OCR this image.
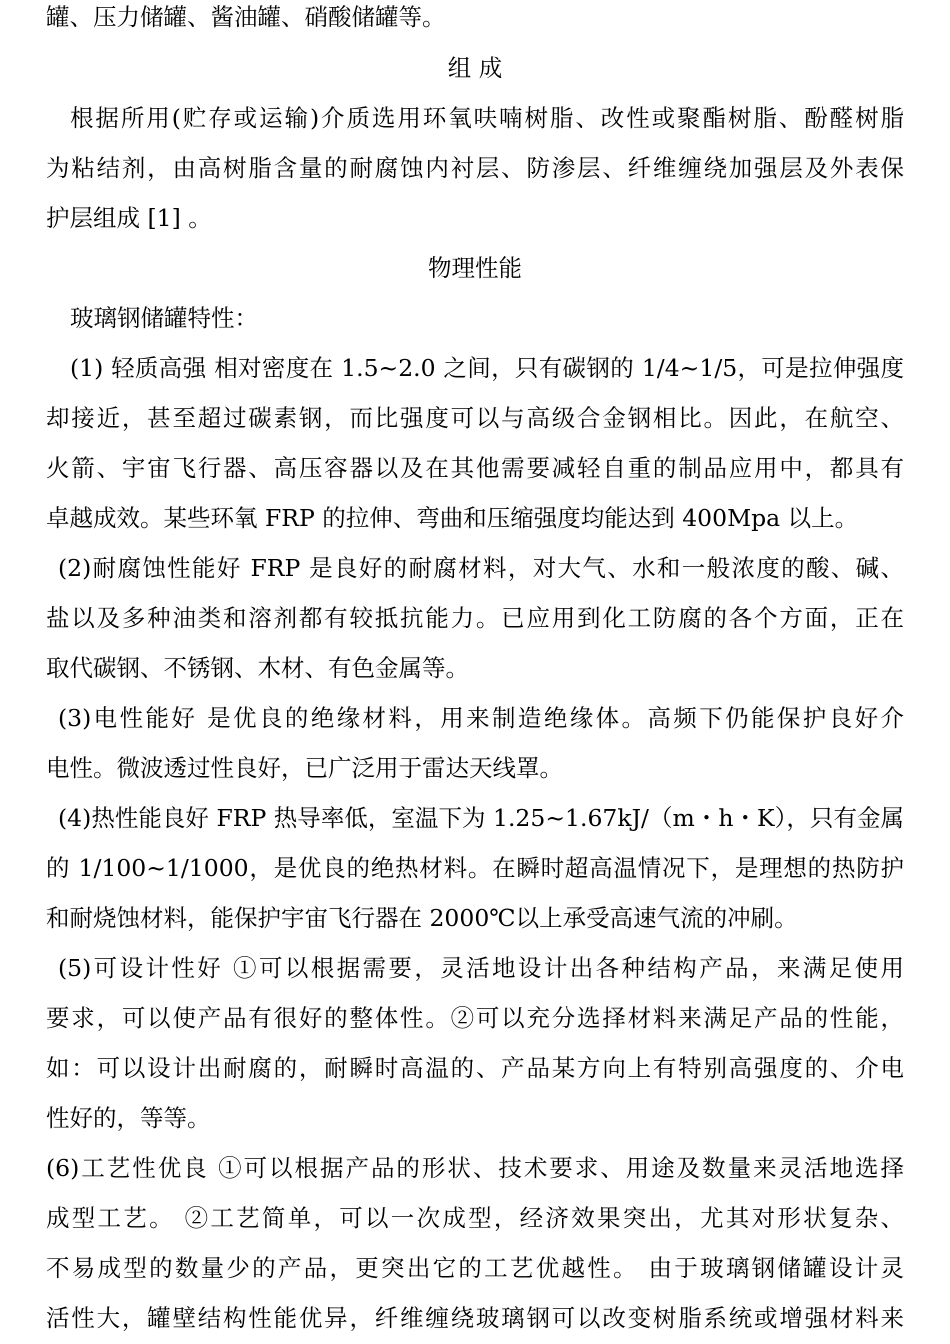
罐、压力储罐、酱油罐、硝酸储罐等。
组 成
根据所用(贮存或运输)介质选用环氧呋喃树脂、改性或聚酯树脂、酚醛树脂
为粘结剂，由高树脂含量的耐腐蚀内衬层、防渗层、纤维缠绕加强层及外表保
护层组成 [1] 。
物理性能
玻璃钢储罐特性：
(1) 轻质高强 相对密度在 1.5~2.0 之间，只有碳钢的 1/4~1/5，可是拉伸强度
却接近，甚至超过碳素钢，而比强度可以与高级合金钢相比。因此，在航空、
火箭、宇宙飞行器、高压容器以及在其他需要减轻自重的制品应用中，都具有
卓越成效。某些环氧 FRP 的拉伸、弯曲和压缩强度均能达到 400Mpa 以上。
(2)耐腐蚀性能好 FRP 是良好的耐腐材料，对大气、水和一般浓度的酸、碱、
盐以及多种油类和溶剂都有较抵抗能力。已应用到化工防腐的各个方面，正在
取代碳钢、不锈钢、木材、有色金属等。
(3)电性能好 是优良的绝缘材料，用来制造绝缘体。高频下仍能保护良好介
电性。微波透过性良好，已广泛用于雷达天线罩。
(4)热性能良好 FRP 热导率低，室温下为 1.25~1.67kJ/（m・h・K），只有金属
的 1/100~1/1000，是优良的绝热材料。在瞬时超高温情况下，是理想的热防护
和耐烧蚀材料，能保护宇宙飞行器在 2000℃以上承受高速气流的冲刷。
(5)可设计性好 ①可以根据需要，灵活地设计出各种结构产品，来满足使用
要求，可以使产品有很好的整体性。②可以充分选择材料来满足产品的性能，
如：可以设计出耐腐的，耐瞬时高温的、产品某方向上有特别高强度的、介电
性好的，等等。
(6)工艺性优良 ①可以根据产品的形状、技术要求、用途及数量来灵活地选择
成型工艺。 ②工艺简单，可以一次成型，经济效果突出，尤其对形状复杂、
不易成型的数量少的产品，更突出它的工艺优越性。 由于玻璃钢储罐设计灵
活性大，罐壁结构性能优异，纤维缠绕玻璃钢可以改变树脂系统或增强材料来
